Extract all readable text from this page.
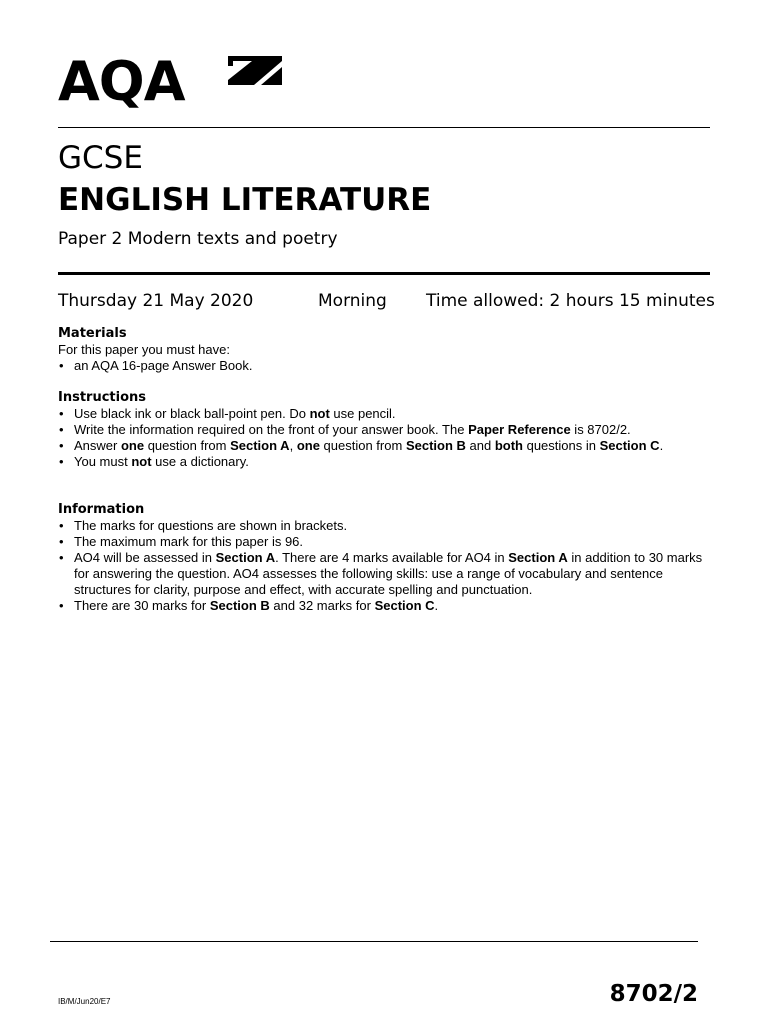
AQA
GCSE
ENGLISH LITERATURE
Paper 2 Modern texts and poetry
Thursday 21 May 2020	Morning Time allowed: 2 hours 15 minutes

Materials

For this paper you must have:

• an AQA 16-page Answer Book.

Instructions

• Use black ink or black ball-point pen. Do not use pencil.
• Write the information required on the front of your answer book. The Paper Reference is 8702/2.
• Answer one question from Section A, one question from Section B and both questions in Section C.
• You must not use a dictionary.

Information

• The marks for questions are shown in brackets.
• The maximum mark for this paper is 96.
• AO4 will be assessed in Section A. There are 4 marks available for AO4 in Section A in addition to 30 marks for answering the question. AO4 assesses the following skills: use a range of vocabulary and sentence structures for clarity, purpose and effect, with accurate spelling and punctuation.
• There are 30 marks for Section B and 32 marks for Section C.
IB/M/Jun20/E7	8702/2
